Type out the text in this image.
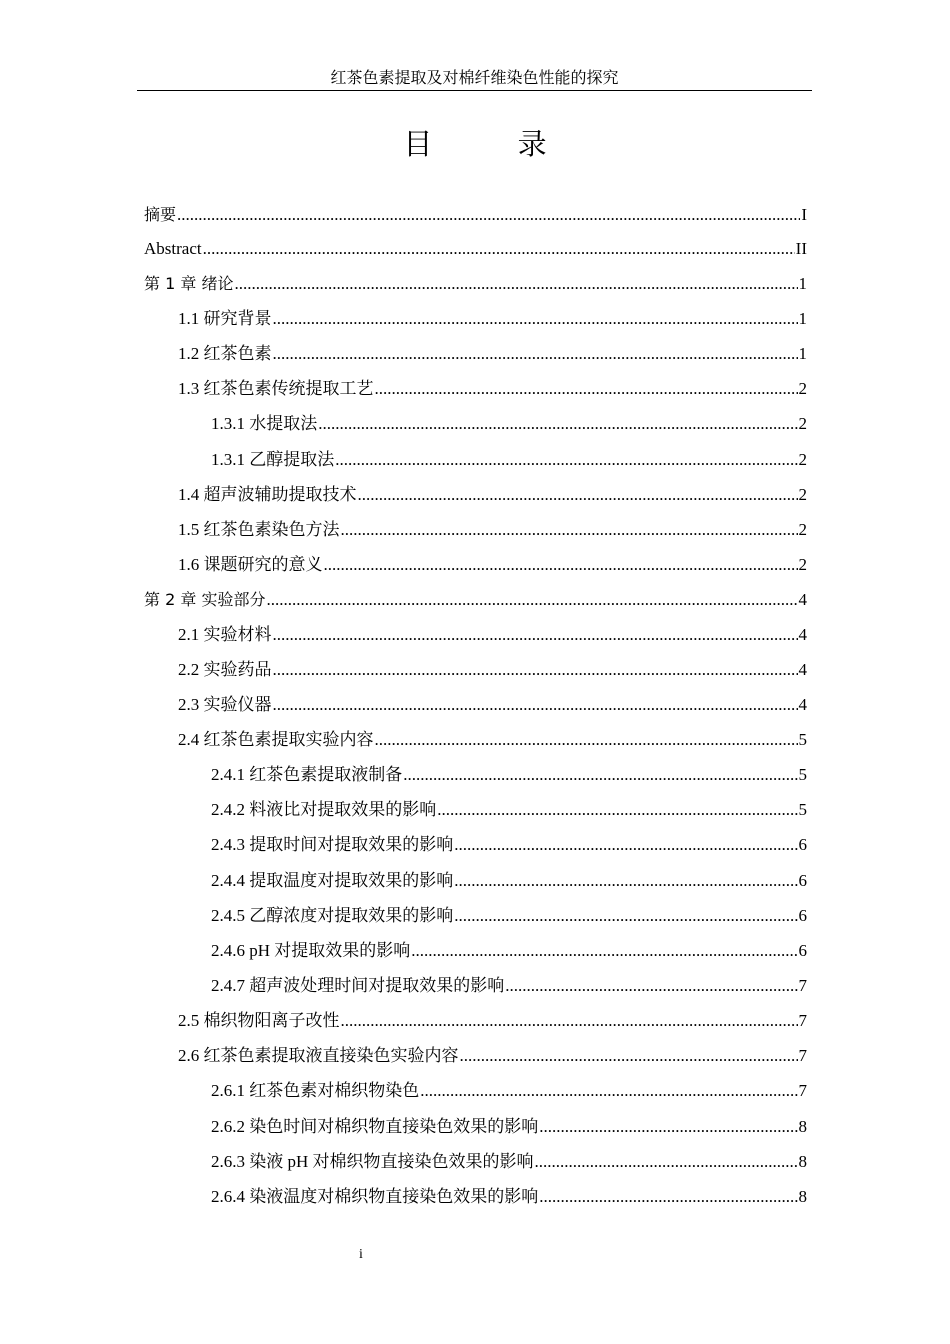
红茶色素提取及对棉纤维染色性能的探究
目 录
摘要 .....	I
Abstract .....	II
第 1 章 绪论 .....	1
1.1 研究背景 .....	1
1.2 红茶色素 .....	1
1.3 红茶色素传统提取工艺 .....	2
1.3.1 水提取法 .....	2
1.3.1 乙醇提取法 .....	2
1.4 超声波辅助提取技术 .....	2
1.5 红茶色素染色方法 .....	2
1.6 课题研究的意义 .....	2
第 2 章 实验部分 .....	4
2.1 实验材料 .....	4
2.2 实验药品 .....	4
2.3 实验仪器 .....	4
2.4 红茶色素提取实验内容 .....	5
2.4.1 红茶色素提取液制备 .....	5
2.4.2 料液比对提取效果的影响 .....	5
2.4.3 提取时间对提取效果的影响 .....	6
2.4.4 提取温度对提取效果的影响 .....	6
2.4.5 乙醇浓度对提取效果的影响 .....	6
2.4.6 pH 对提取效果的影响 .....	6
2.4.7 超声波处理时间对提取效果的影响 .....	7
2.5 棉织物阳离子改性 .....	7
2.6 红茶色素提取液直接染色实验内容 .....	7
2.6.1 红茶色素对棉织物染色 .....	7
2.6.2 染色时间对棉织物直接染色效果的影响 .....	8
2.6.3 染液 pH 对棉织物直接染色效果的影响 .....	8
2.6.4 染液温度对棉织物直接染色效果的影响 .....	8
i
